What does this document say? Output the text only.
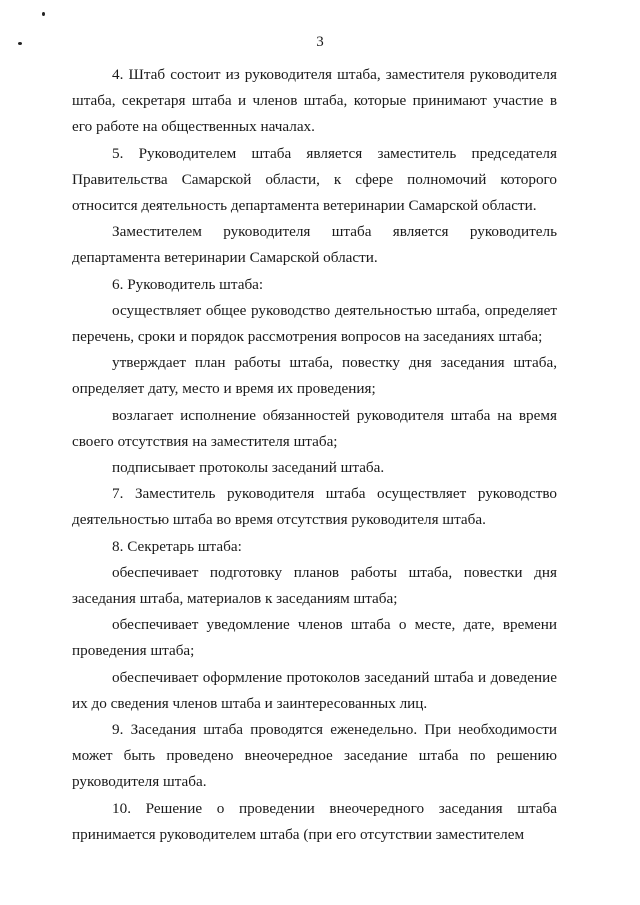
3

4. Штаб состоит из руководителя штаба, заместителя руководителя штаба, секретаря штаба и членов штаба, которые принимают участие в его работе на общественных началах.

5. Руководителем штаба является заместитель председателя Правительства Самарской области, к сфере полномочий которого относится деятельность департамента ветеринарии Самарской области.

Заместителем руководителя штаба является руководитель департамента ветеринарии Самарской области.

6. Руководитель штаба:

осуществляет общее руководство деятельностью штаба, определяет перечень, сроки и порядок рассмотрения вопросов на заседаниях штаба;

утверждает план работы штаба, повестку дня заседания штаба, определяет дату, место и время их проведения;

возлагает исполнение обязанностей руководителя штаба на время своего отсутствия на заместителя штаба;

подписывает протоколы заседаний штаба.

7. Заместитель руководителя штаба осуществляет руководство деятельностью штаба во время отсутствия руководителя штаба.

8. Секретарь штаба:

обеспечивает подготовку планов работы штаба, повестки дня заседания штаба, материалов к заседаниям штаба;

обеспечивает уведомление членов штаба о месте, дате, времени проведения штаба;

обеспечивает оформление протоколов заседаний штаба и доведение их до сведения членов штаба и заинтересованных лиц.

9. Заседания штаба проводятся еженедельно. При необходимости может быть проведено внеочередное заседание штаба по решению руководителя штаба.

10. Решение о проведении внеочередного заседания штаба принимается руководителем штаба (при его отсутствии заместителем
